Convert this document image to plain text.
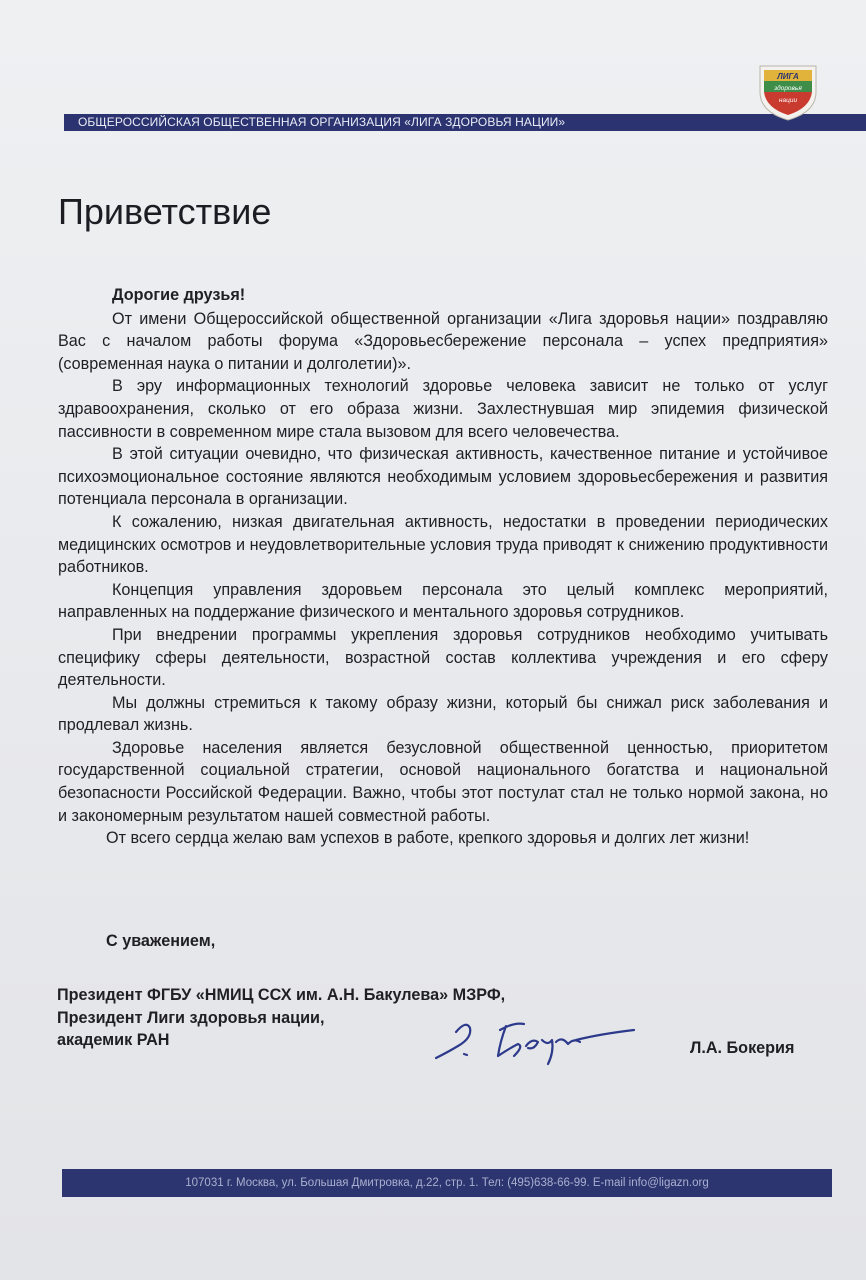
ОБЩЕРОССИЙСКАЯ ОБЩЕСТВЕННАЯ ОРГАНИЗАЦИЯ «ЛИГА ЗДОРОВЬЯ НАЦИИ»
ЛИГА
здоровья
нации
Приветствие

Дорогие друзья!

От имени Общероссийской общественной организации «Лига здоровья нации» поздравляю Вас с началом работы форума «Здоровьесбережение персонала – успех предприятия» (современная наука о питании и долголетии)».

В эру информационных технологий здоровье человека зависит не только от услуг здравоохранения, сколько от его образа жизни. Захлестнувшая мир эпидемия физической пассивности в современном мире стала вызовом для всего человечества.

В этой ситуации очевидно, что физическая активность, качественное питание и устойчивое психоэмоциональное состояние являются необходимым условием здоровьесбережения и развития потенциала персонала в организации.

К сожалению, низкая двигательная активность, недостатки в проведении периодических медицинских осмотров и неудовлетворительные условия труда приводят к снижению продуктивности работников.

Концепция управления здоровьем персонала это целый комплекс мероприятий, направленных на поддержание физического и ментального здоровья сотрудников.

При внедрении программы укрепления здоровья сотрудников необходимо учитывать специфику сферы деятельности, возрастной состав коллектива учреждения и его сферу деятельности.

Мы должны стремиться к такому образу жизни, который бы снижал риск заболевания и продлевал жизнь.

Здоровье населения является безусловной общественной ценностью, приоритетом государственной социальной стратегии, основой национального богатства и национальной безопасности Российской Федерации. Важно, чтобы этот постулат стал не только нормой закона, но и закономерным результатом нашей совместной работы.

От всего сердца желаю вам успехов в работе, крепкого здоровья и долгих лет жизни!

С уважением,

Президент ФГБУ «НМИЦ ССХ им. А.Н. Бакулева» МЗРФ,
Президент Лиги здоровья нации,
академик РАН	Л.А. Бокерия
107031 г. Москва, ул. Большая Дмитровка, д.22, стр. 1. Тел: (495)638-66-99. E-mail info@ligazn.org
